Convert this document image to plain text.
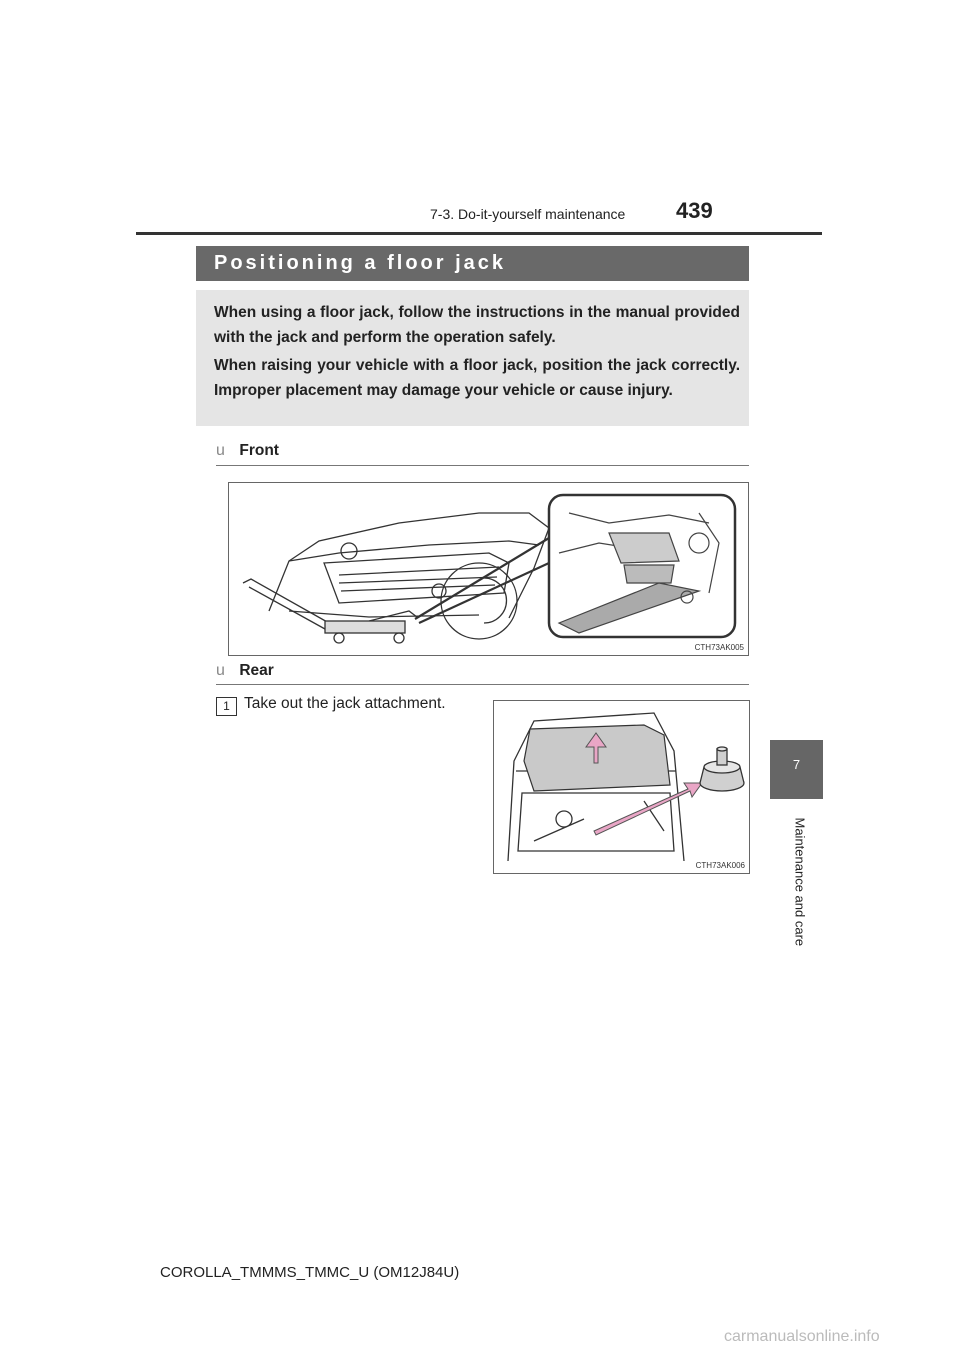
7-3. Do-it-yourself maintenance	439
7
Maintenance and care
Positioning a floor jack
When using a floor jack, follow the instructions in the manual provided with the jack and perform the operation safely.
When raising your vehicle with a floor jack, position the jack correctly. Improper placement may damage your vehicle or cause injury.
u Front
CTH73AK005
u Rear
1 Take out the jack attachment.
CTH73AK006
COROLLA_TMMMS_TMMC_U (OM12J84U)
carmanualsonline.info
